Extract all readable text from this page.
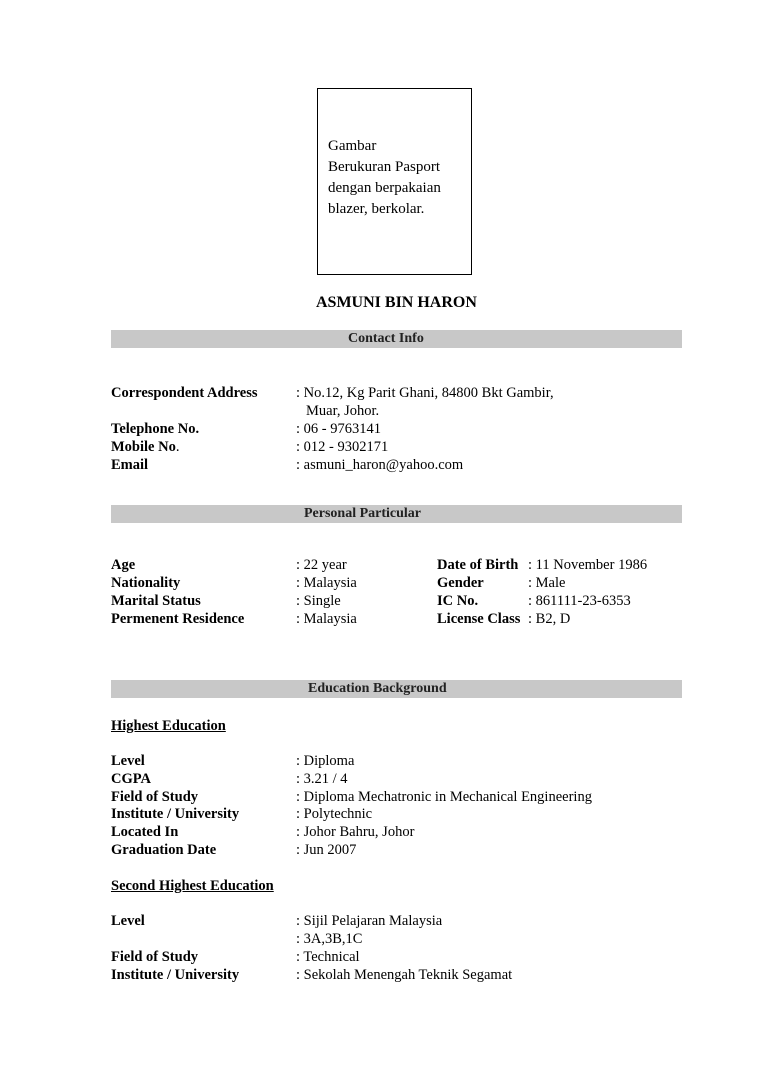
Gambar
Berukuran Pasport
dengan berpakaian
blazer, berkolar.
ASMUNI BIN HARON
Contact Info
Correspondent Address	: No.12, Kg Parit Ghani, 84800 Bkt Gambir,
Muar, Johor.
Telephone No.	: 06 - 9763141
Mobile No.	: 012 - 9302171
Email	: asmuni_haron@yahoo.com
Personal Particular
Age	: 22 year	Date of Birth : 11 November 1986
Nationality	: Malaysia	Gender	: Male
Marital Status	: Single	IC No.	: 861111-23-6353
Permenent Residence	: Malaysia	License Class : B2, D
Education Background
Highest Education
Level	: Diploma
CGPA	: 3.21 / 4
Field of Study	: Diploma Mechatronic in Mechanical Engineering
Institute / University	: Polytechnic
Located In	: Johor Bahru, Johor
Graduation Date	: Jun 2007
Second Highest Education
Level	: Sijil Pelajaran Malaysia
: 3A,3B,1C
Field of Study	: Technical
Institute / University	: Sekolah Menengah Teknik Segamat
